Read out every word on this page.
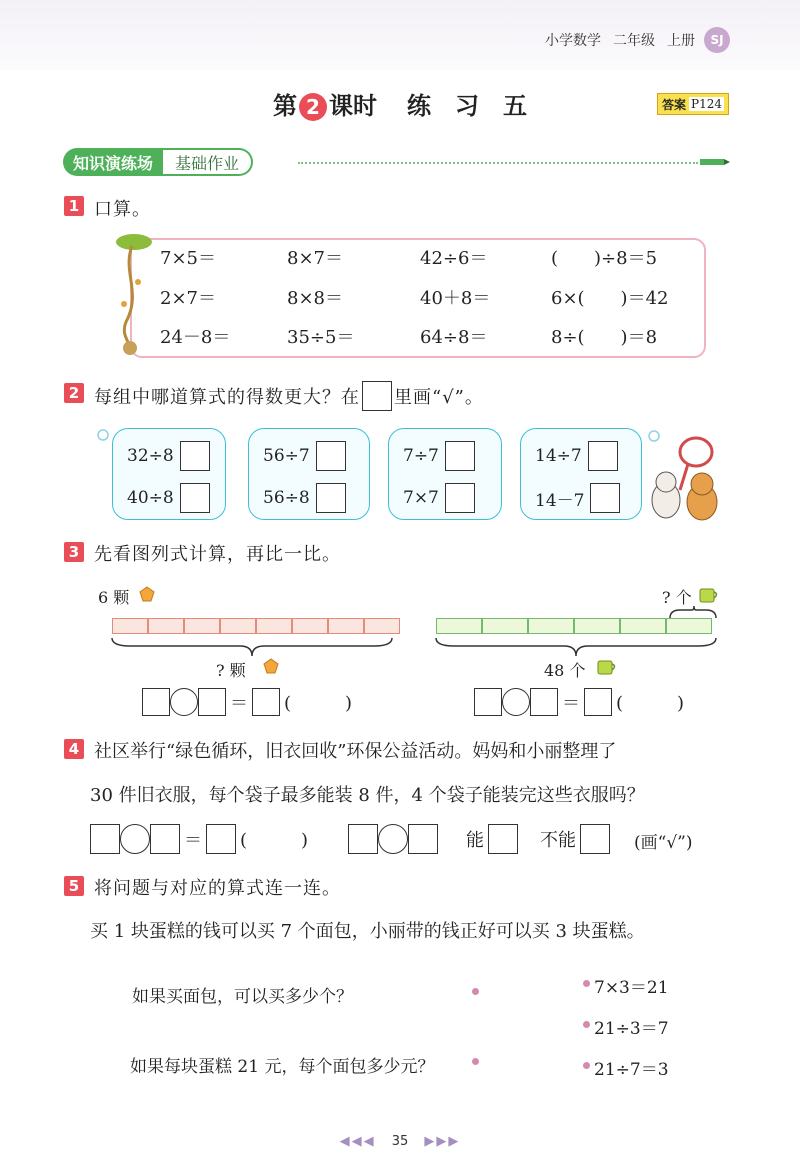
小学数学 二年级 上册	SJ
第 2 课时 练　习　五	答案 P124
知识演练场	基础作业
1 口算。
7×5＝	8×7＝	42÷6＝	(　　)÷8＝5
2×7＝	8×8＝	40＋8＝	6×(　　)＝42
24－8＝	35÷5＝	64÷8＝	8÷(　　)＝8
2 每组中哪道算式的得数更大？在 里画“√”。
32÷8
40÷8
56÷7
56÷8
7÷7
7×7
14÷7
14－7
3 先看图列式计算，再比一比。
6 颗
? 颗
＝ (　　　)
? 个
48 个
＝ (　　　)
4 社区举行“绿色循环，旧衣回收”环保公益活动。妈妈和小丽整理了
30 件旧衣服，每个袋子最多能装 8 件，4 个袋子能装完这些衣服吗？
＝ (　　　)	能	不能	(画“√”)
5 将问题与对应的算式连一连。
买 1 块蛋糕的钱可以买 7 个面包，小丽带的钱正好可以买 3 块蛋糕。
如果买面包，可以买多少个？
如果每块蛋糕 21 元，每个面包多少元？
7×3＝21
21÷3＝7
21÷7＝3
◀◀◀ 35 ▶▶▶
